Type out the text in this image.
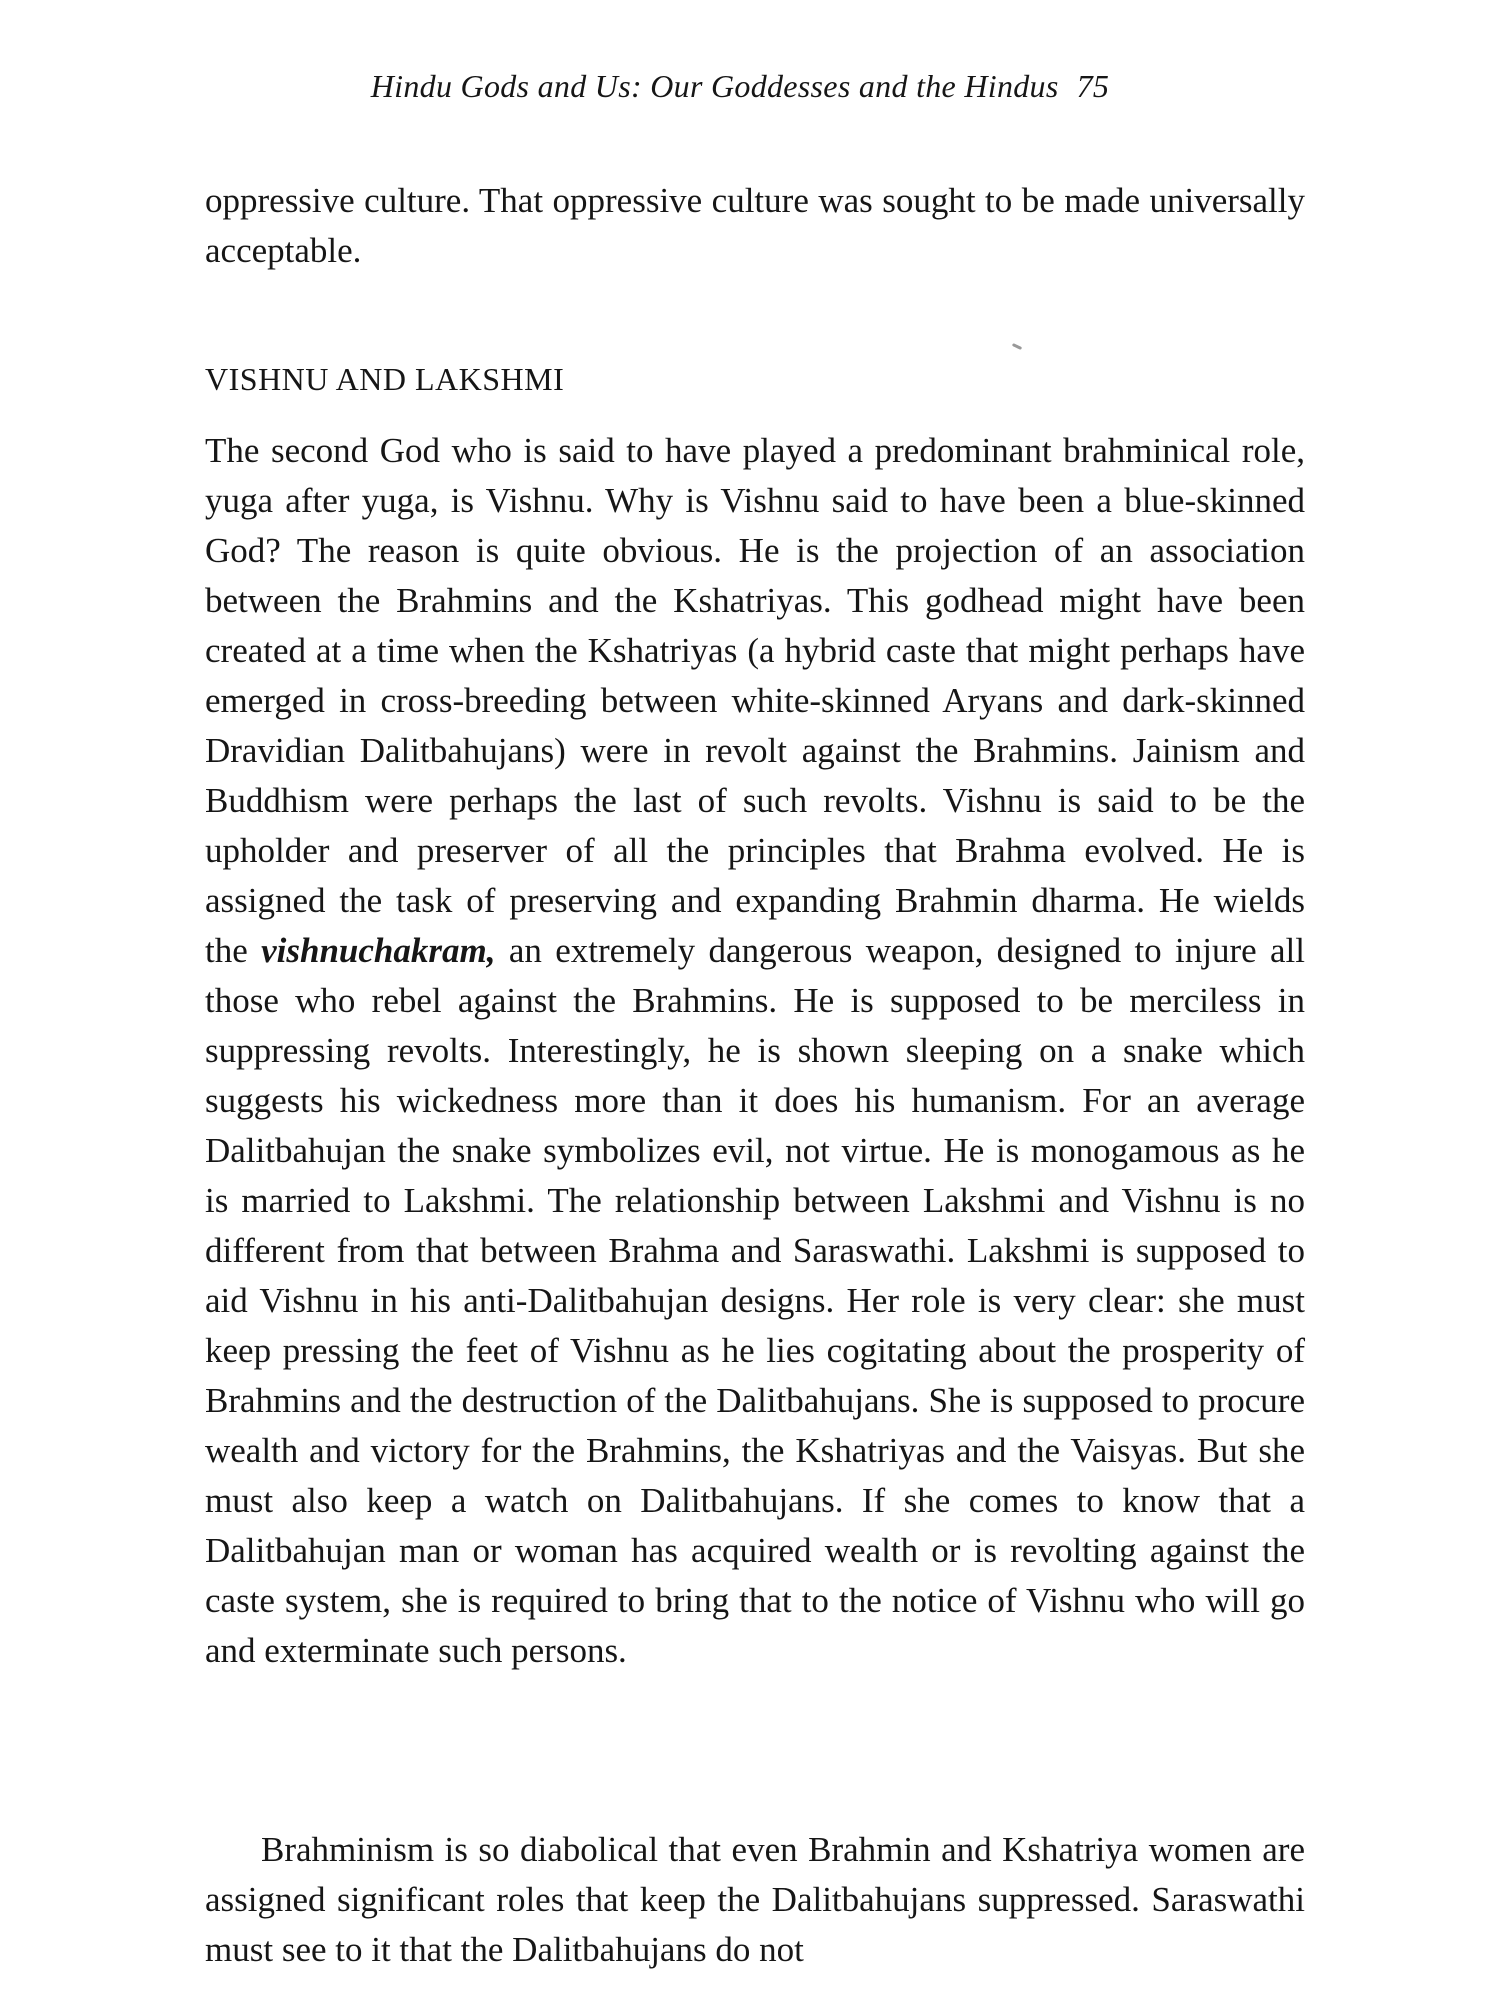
Hindu Gods and Us: Our Goddesses and the Hindus 75

oppressive culture. That oppressive culture was sought to be made universally acceptable.

VISHNU AND LAKSHMI

The second God who is said to have played a predominant brahminical role, yuga after yuga, is Vishnu. Why is Vishnu said to have been a blue-skinned God? The reason is quite obvious. He is the projection of an association between the Brahmins and the Kshatriyas. This godhead might have been created at a time when the Kshatriyas (a hybrid caste that might perhaps have emerged in cross-breeding between white-skinned Aryans and dark-skinned Dravidian Dalitbahujans) were in revolt against the Brahmins. Jainism and Buddhism were perhaps the last of such revolts. Vishnu is said to be the upholder and preserver of all the principles that Brahma evolved. He is assigned the task of preserving and expanding Brahmin dharma. He wields the vishnuchakram, an extremely dangerous weapon, designed to injure all those who rebel against the Brahmins. He is supposed to be merciless in suppressing revolts. Interestingly, he is shown sleeping on a snake which suggests his wickedness more than it does his humanism. For an average Dalitbahujan the snake symbolizes evil, not virtue. He is monogamous as he is married to Lakshmi. The relationship between Lakshmi and Vishnu is no different from that between Brahma and Saraswathi. Lakshmi is supposed to aid Vishnu in his anti-Dalitbahujan designs. Her role is very clear: she must keep pressing the feet of Vishnu as he lies cogitating about the prosperity of Brahmins and the destruction of the Dalitbahujans. She is supposed to procure wealth and victory for the Brahmins, the Kshatriyas and the Vaisyas. But she must also keep a watch on Dalitbahujans. If she comes to know that a Dalitbahujan man or woman has acquired wealth or is revolting against the caste system, she is required to bring that to the notice of Vishnu who will go and exterminate such persons.

Brahminism is so diabolical that even Brahmin and Kshatriya women are assigned significant roles that keep the Dalitbahujans suppressed. Saraswathi must see to it that the Dalitbahujans do not
